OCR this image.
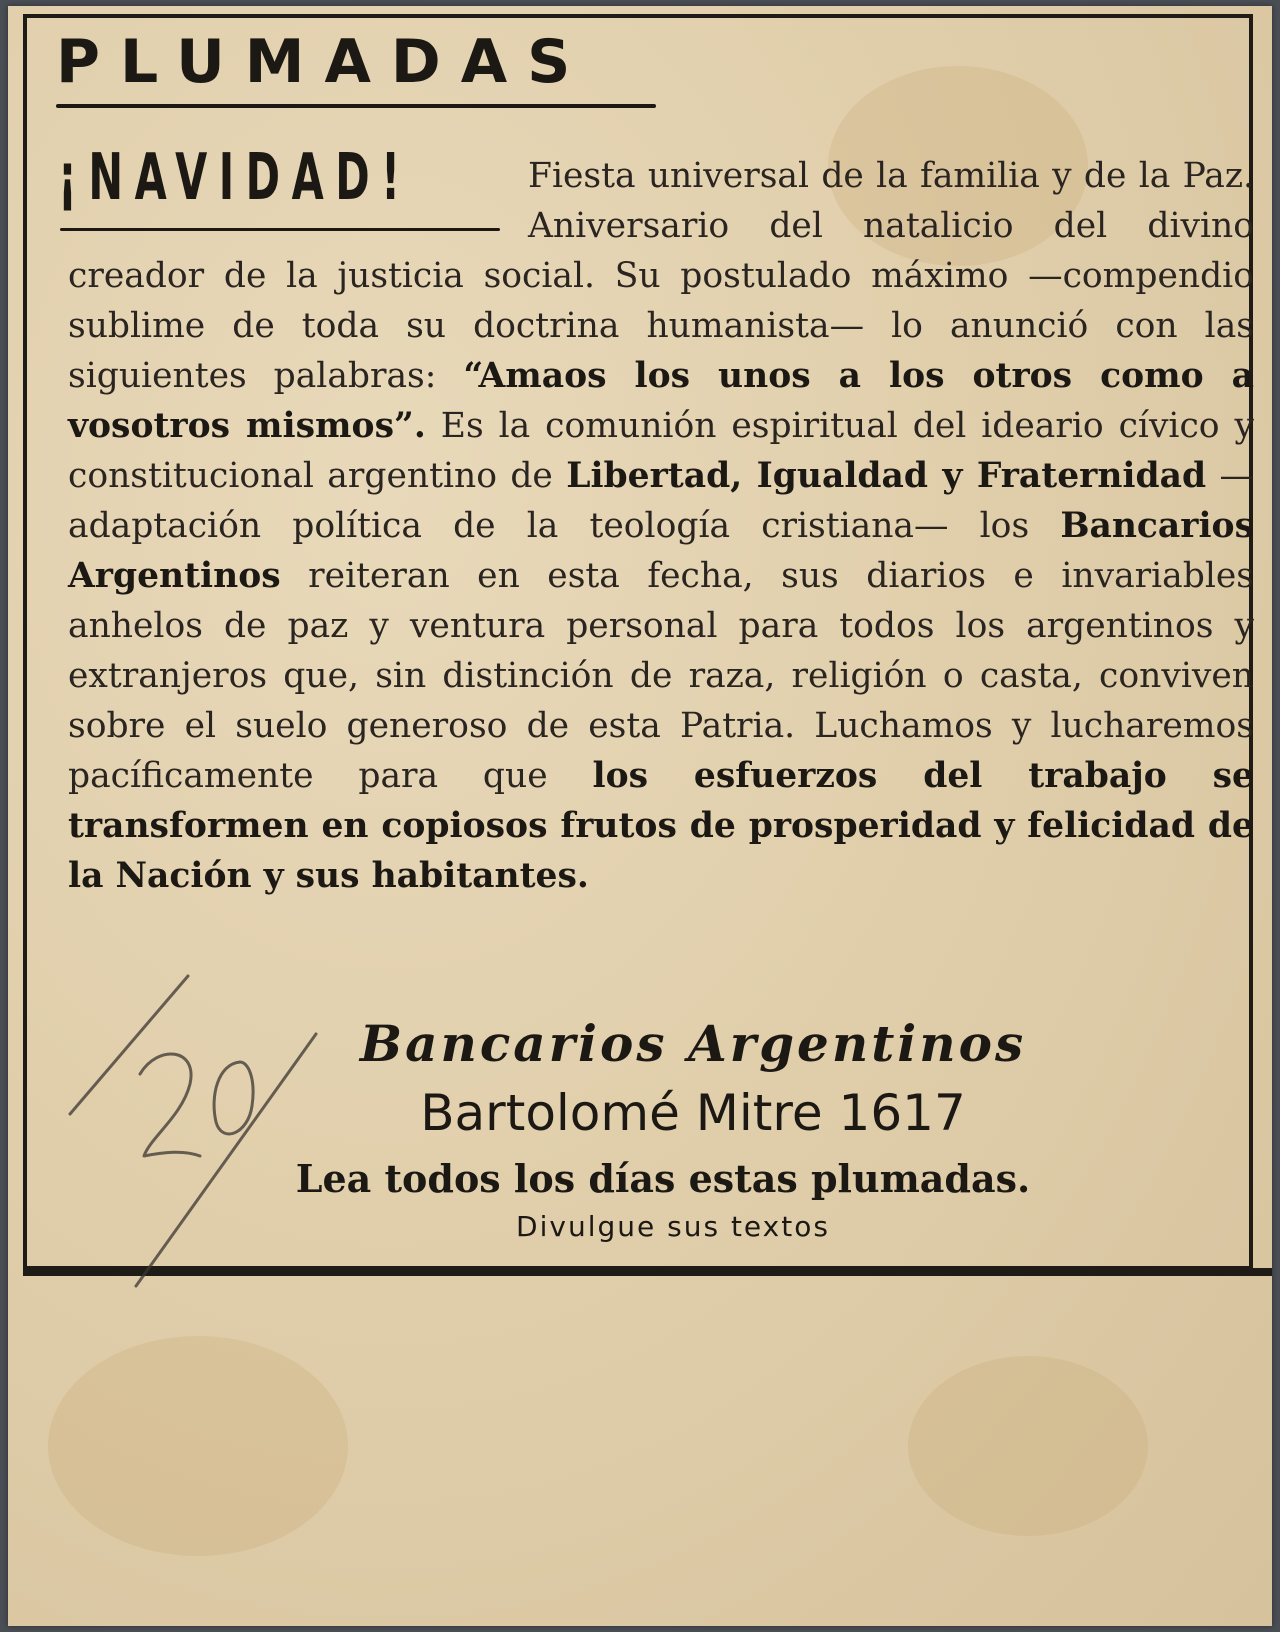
PLUMADAS
¡NAVIDAD!	Fiesta universal de la familia y de la Paz. Aniversario del natalicio del divino creador de la justicia social. Su postulado máximo —compendio sublime de toda su doctrina humanista— lo anunció con las siguientes palabras: “Amaos los unos a los otros como a vosotros mismos”. Es la comunión espiritual del ideario cívico y constitucional argentino de Libertad, Igualdad y Fraternidad —adaptación política de la teología cristiana— los Bancarios Argentinos reiteran en esta fecha, sus diarios e invariables anhelos de paz y ventura personal para todos los argentinos y extranjeros que, sin distinción de raza, religión o casta, conviven sobre el suelo generoso de esta Patria. Luchamos y lucharemos pacíficamente para que los esfuerzos del trabajo se transformen en copiosos frutos de prosperidad y felicidad de la Nación y sus habitantes.

Bancarios Argentinos

Bartolomé Mitre 1617

Lea todos los días estas plumadas.

Divulgue sus textos

20
